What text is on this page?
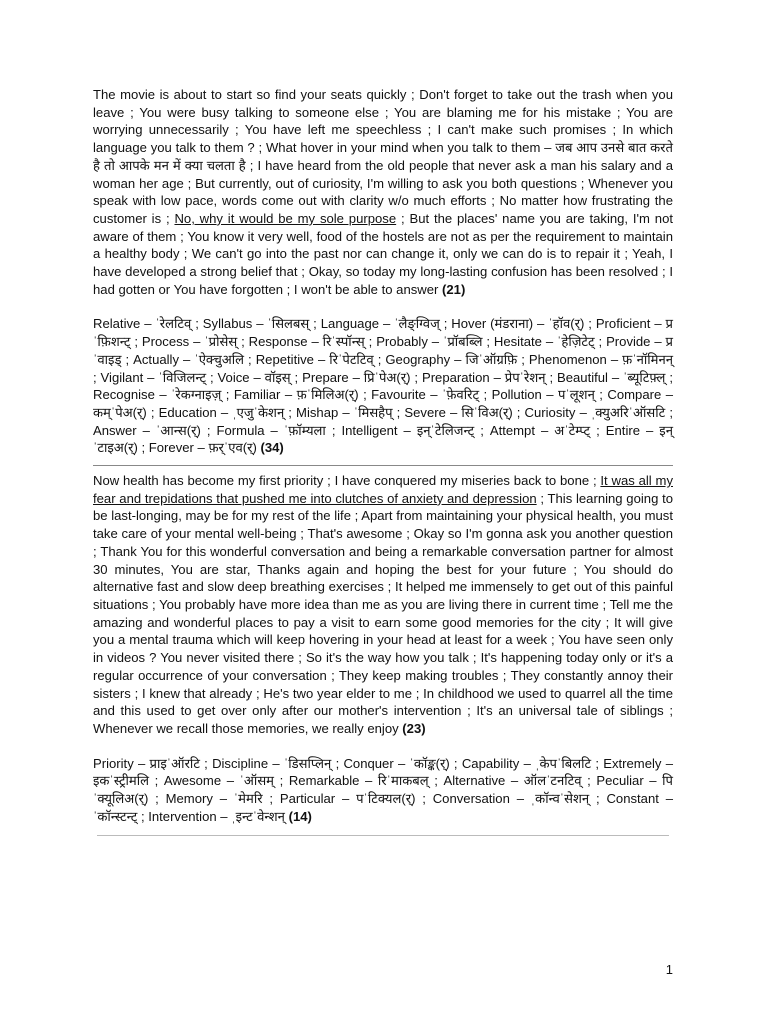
The movie is about to start so find your seats quickly ; Don't forget to take out the trash when you leave ; You were busy talking to someone else ; You are blaming me for his mistake ; You are worrying unnecessarily ; You have left me speechless ; I can't make such promises ; In which language you talk to them ? ; What hover in your mind when you talk to them – जब आप उनसे बात करते है तो आपके मन में क्या चलता है ; I have heard from the old people that never ask a man his salary and a woman her age ; But currently, out of curiosity, I'm willing to ask you both questions ; Whenever you speak with low pace, words come out with clarity w/o much efforts ; No matter how frustrating the customer is ; No, why it would be my sole purpose ; But the places' name you are taking, I'm not aware of them ; You know it very well, food of the hostels are not as per the requirement to maintain a healthy body ; We can't go into the past nor can change it, only we can do is to repair it ; Yeah, I have developed a strong belief that ; Okay, so today my long-lasting confusion has been resolved ; I had gotten or You have forgotten ; I won't be able to answer (21)

Relative – ˈरेलटिव् ; Syllabus – ˈसिलबस् ; Language – ˈलैङ्ग्विज् ; Hover (मंडराना) – ˈहॉव(र्) ; Proficient – प्रˈफ़िशन्ट् ; Process – ˈप्रोसेस् ; Response – रिˈस्पॉन्स् ; Probably – ˈप्रॉबब्लि ; Hesitate – ˈहेज़िटेट् ; Provide – प्रˈवाइड् ; Actually – ˈऐक्चुअलि ; Repetitive – रिˈपेटटिव् ; Geography – जिˈऑग्रफ़ि ; Phenomenon – फ़ˈनॉमिनन् ; Vigilant – ˈविजिलन्ट् ; Voice – वॉइस् ; Prepare – प्रिˈपेअ(र्) ; Preparation – प्रेपˈरेशन् ; Beautiful – ˈब्यूटिफ़्ल् ; Recognise – ˈरेकग्नाइज़् ; Familiar – फ़ˈमिलिअ(र्) ; Favourite – ˈफ़ेवरिट् ; Pollution – पˈलूशन् ; Compare – कम्ˈपेअ(र्) ; Education – ˌएजुˈकेशन् ; Mishap – ˈमिसहैप् ; Severe – सिˈविअ(र्) ; Curiosity – ˌक्युअरिˈऑसटि ; Answer – ˈआन्स(र्) ; Formula – ˈफ़ॉम्यला ; Intelligent – इन्ˈटेलिजन्ट् ; Attempt – अˈटेम्प्ट् ; Entire – इन्ˈटाइअ(र्) ; Forever – फ़र्ˈएव(र्) (34)

Now health has become my first priority ; I have conquered my miseries back to bone ; It was all my fear and trepidations that pushed me into clutches of anxiety and depression ; This learning going to be last-longing, may be for my rest of the life ; Apart from maintaining your physical health, you must take care of your mental well-being ; That's awesome ; Okay so I'm gonna ask you another question ; Thank You for this wonderful conversation and being a remarkable conversation partner for almost 30 minutes, You are star, Thanks again and hoping the best for your future ; You should do alternative fast and slow deep breathing exercises ; It helped me immensely to get out of this painful situations ; You probably have more idea than me as you are living there in current time ; Tell me the amazing and wonderful places to pay a visit to earn some good memories for the city ; It will give you a mental trauma which will keep hovering in your head at least for a week ; You have seen only in videos ? You never visited there ; So it's the way how you talk ; It's happening today only or it's a regular occurrence of your conversation ; They keep making troubles ; They constantly annoy their sisters ; I knew that already ; He's two year elder to me ; In childhood we used to quarrel all the time and this used to get over only after our mother's intervention ; It's an universal tale of siblings ; Whenever we recall those memories, we really enjoy (23)

Priority – प्राइˈऑरटि ; Discipline – ˈडिसप्लिन् ; Conquer – ˈकॉङ्क(र्) ; Capability – ˌकेपˈबिलटि ; Extremely – इकˈस्ट्रीमलि ; Awesome – ˈऑसम् ; Remarkable – रिˈमाकबल् ; Alternative – ऑलˈटनटिव् ; Peculiar – पिˈक्यूलिअ(र्) ; Memory – ˈमेमरि ; Particular – पˈटिक्यल(र्) ; Conversation – ˌकॉन्वˈसेशन् ; Constant – ˈकॉन्स्टन्ट् ; Intervention – ˌइन्टˈवेन्शन् (14)

1
